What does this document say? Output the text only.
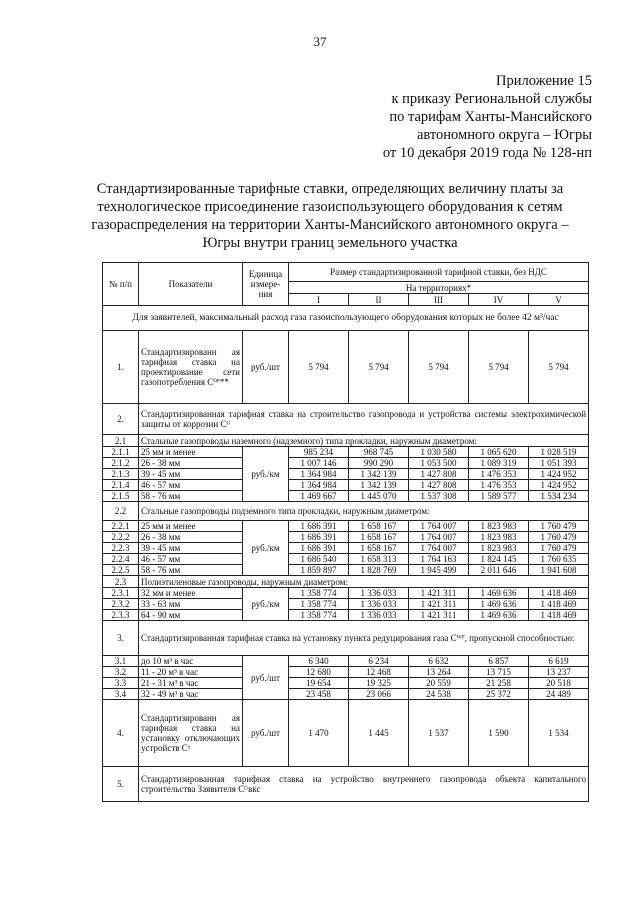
37
Приложение 15
к приказу Региональной службы
по тарифам Ханты-Мансийского
автономного округа – Югры
от 10 декабря 2019 года № 128-нп
Стандартизированные тарифные ставки, определяющих величину платы за технологическое присоединение газоиспользующего оборудования к сетям газораспределения на территории Ханты-Мансийского автономного округа – Югры внутри границ земельного участка
№ п/п	Показатели	Единица измере-ния	Размер стандартизированной тарифной ставки, без НДС				
			На территориях*				
			I	II	III	IV	V
Для заявителей, максимальный расход газа газоиспользующего оборудования которых не более 42 м³/час							
1.	Стандартизированн ая тарифная ставка на проектирование сети газопотребления С⁰ᴾ**	руб./шт	5 794	5 794	5 794	5 794	5 794
2.	Стандартизированная тарифная ставка на строительство газопровода и устройства системы электрохимической защиты от коррозии Сᴳ						
2.1	Стальные газопроводы наземного (надземного) типа прокладки, наружным диаметром:						
2.1.1	25 мм и менее	руб./км	985 234	968 745	1 030 580	1 065 620	1 028 519
2.1.2	26 - 38 мм		1 007 146	990 290	1 053 500	1 089 319	1 051 393
2.1.3	39 - 45 мм		1 364 984	1 342 139	1 427 808	1 476 353	1 424 952
2.1.4	46 - 57 мм		1 364 984	1 342 139	1 427 808	1 476 353	1 424 952
2.1.5	58 - 76 мм		1 469 667	1 445 070	1 537 308	1 589 577	1 534 234
2.2	Стальные газопроводы подземного типа прокладки, наружным диаметром:						
2.2.1	25 мм и менее	руб./км	1 686 391	1 658 167	1 764 007	1 823 983	1 760 479
2.2.2	26 - 38 мм		1 686 391	1 658 167	1 764 007	1 823 983	1 760 479
2.2.3	39 - 45 мм		1 686 391	1 658 167	1 764 007	1 823 983	1 760 479
2.2.4	46 - 57 мм		1 686 540	1 658 313	1 764 163	1 824 145	1 760 635
2.2.5	58 - 76 мм		1 859 897	1 828 769	1 945 499	2 011 646	1 941 608
2.3	Полиэтиленовые газопроводы, наружным диаметром:						
2.3.1	32 мм и менее	руб./км	1 358 774	1 336 033	1 421 311	1 469 636	1 418 469
2.3.2	33 - 63 мм		1 358 774	1 336 033	1 421 311	1 469 636	1 418 469
2.3.3	64 - 90 мм		1 358 774	1 336 033	1 421 311	1 469 636	1 418 469
3.	Стандартизированная тарифная ставка на установку пункта редуцирования газа Сᵂᴾ, пропускной способностью:						
3.1	до 10 м³ в час	руб./шт	6 340	6 234	6 632	6 857	6 619
3.2	11 - 20 м³ в час		12 680	12 468	13 264	13 715	13 237
3.3	21 - 31 м³ в час		19 654	19 325	20 559	21 258	20 518
3.4	32 - 49 м³ в час		23 458	23 066	24 538	25 372	24 489
4.	Стандартизированн ая тарифная ставка на установку отключающих устройств Сᶻ	руб./шт	1 470	1 445	1 537	1 590	1 534
5.	Стандартизированная тарифная ставка на устройство внутреннего газопровода объекта капитального строительства Заявителя Сᴳвкс						
